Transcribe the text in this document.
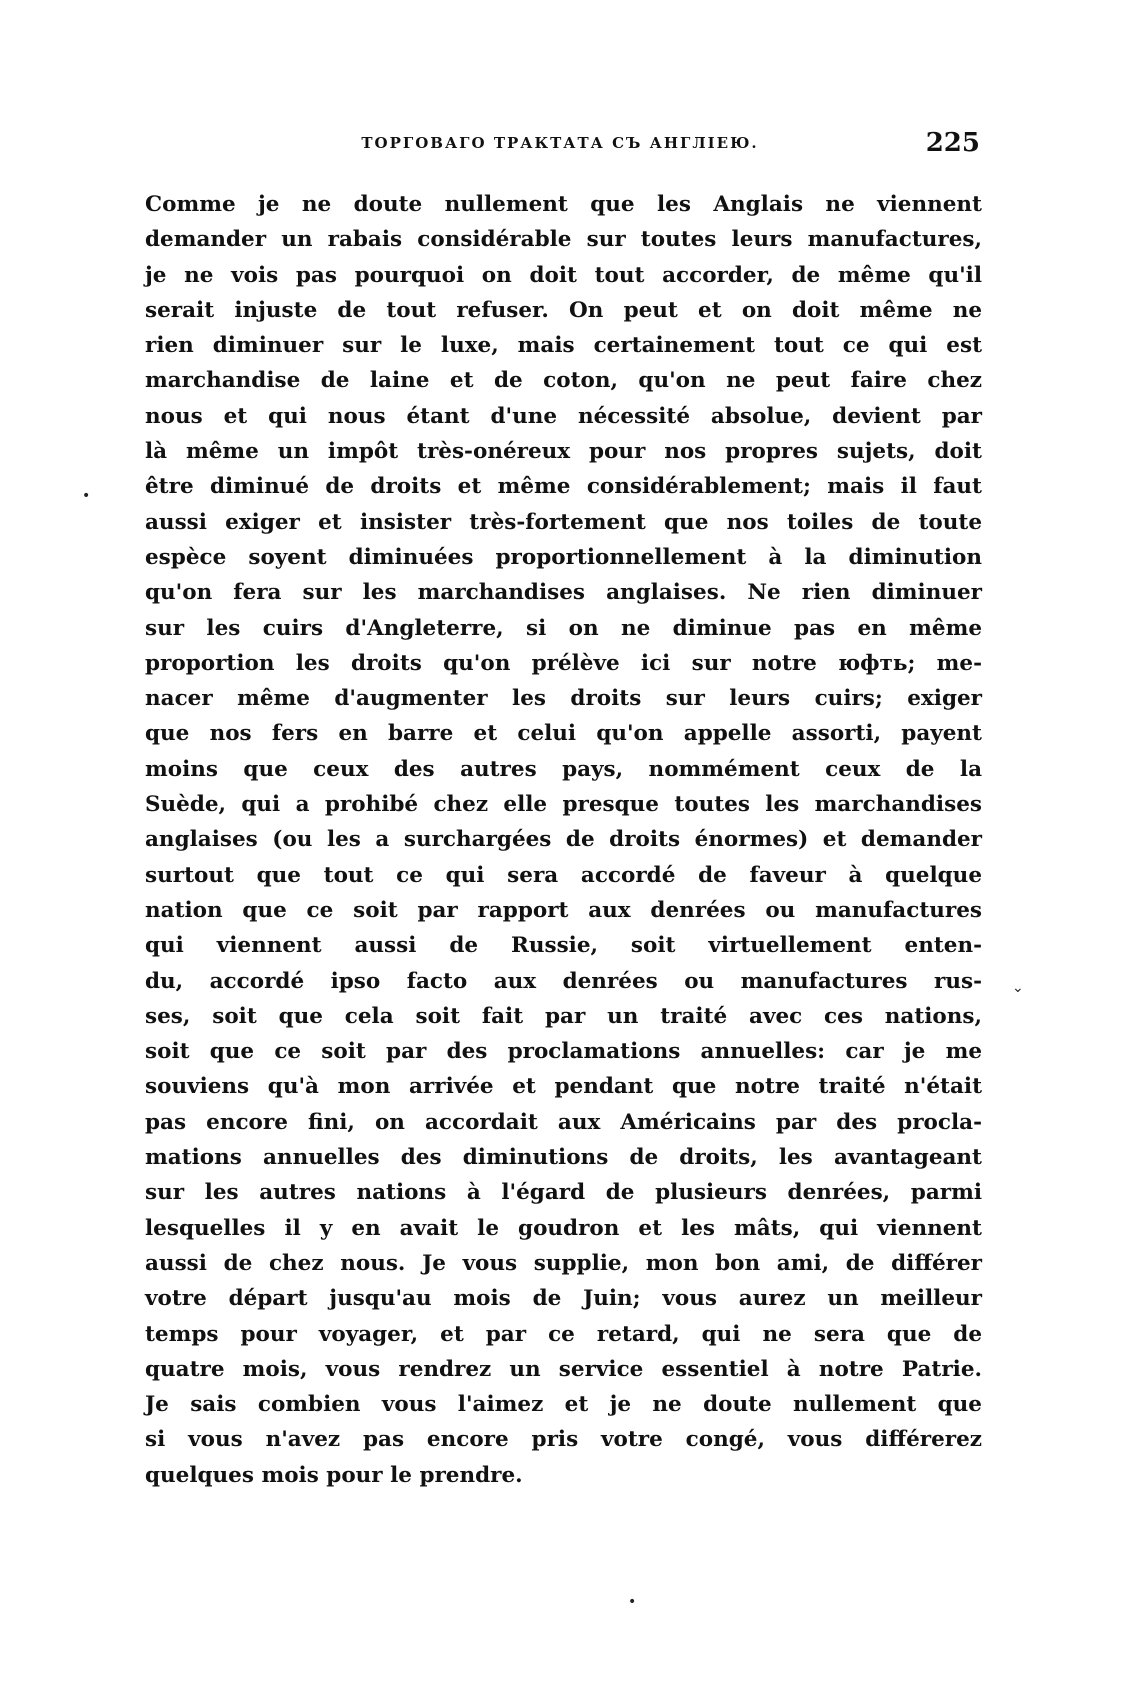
ТОРГОВАГО ТРАКТАТА СЪ АНГЛІЕЮ.	225
Comme je ne doute nullement que les Anglais ne viennent
demander un rabais considérable sur toutes leurs manufactures,
je ne vois pas pourquoi on doit tout accorder, de même qu'il
serait injuste de tout refuser. On peut et on doit même ne
rien diminuer sur le luxe, mais certainement tout ce qui est
marchandise de laine et de coton, qu'on ne peut faire chez
nous et qui nous étant d'une nécessité absolue, devient par
là même un impôt très-onéreux pour nos propres sujets, doit
être diminué de droits et même considérablement; mais il faut
aussi exiger et insister très-fortement que nos toiles de toute
espèce soyent diminuées proportionnellement à la diminution
qu'on fera sur les marchandises anglaises. Ne rien diminuer
sur les cuirs d'Angleterre, si on ne diminue pas en même
proportion les droits qu'on prélève ici sur notre юфть; me-
nacer même d'augmenter les droits sur leurs cuirs; exiger
que nos fers en barre et celui qu'on appelle assorti, payent
moins que ceux des autres pays, nommément ceux de la
Suède, qui a prohibé chez elle presque toutes les marchandises
anglaises (ou les a surchargées de droits énormes) et demander
surtout que tout ce qui sera accordé de faveur à quelque
nation que ce soit par rapport aux denrées ou manufactures
qui viennent aussi de Russie, soit virtuellement enten-
du, accordé ipso facto aux denrées ou manufactures rus-
ses, soit que cela soit fait par un traité avec ces nations,
soit que ce soit par des proclamations annuelles: car je me
souviens qu'à mon arrivée et pendant que notre traité n'était
pas encore fini, on accordait aux Américains par des procla-
mations annuelles des diminutions de droits, les avantageant
sur les autres nations à l'égard de plusieurs denrées, parmi
lesquelles il y en avait le goudron et les mâts, qui viennent
aussi de chez nous. Je vous supplie, mon bon ami, de différer
votre départ jusqu'au mois de Juin; vous aurez un meilleur
temps pour voyager, et par ce retard, qui ne sera que de
quatre mois, vous rendrez un service essentiel à notre Patrie.
Je sais combien vous l'aimez et je ne doute nullement que
si vous n'avez pas encore pris votre congé, vous différerez
quelques mois pour le prendre.
•
⌄
•
